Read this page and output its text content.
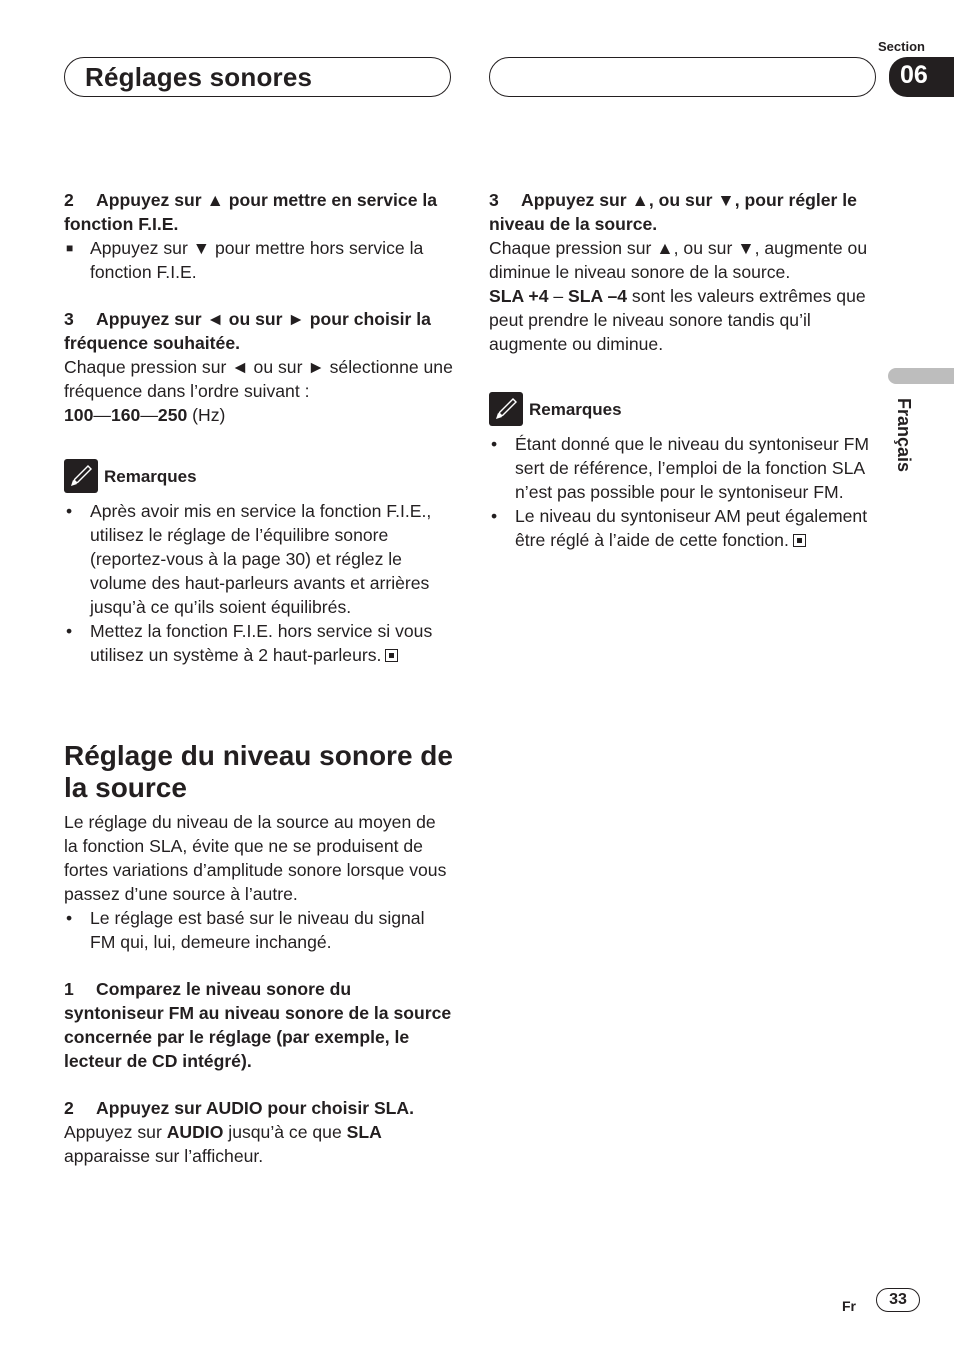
Réglages sonores
Section
06
Français

2 Appuyez sur ▲ pour mettre en service la fonction F.I.E.

■ Appuyez sur ▼ pour mettre hors service la fonction F.I.E.

3 Appuyez sur ◄ ou sur ► pour choisir la fréquence souhaitée.

Chaque pression sur ◄ ou sur ► sélectionne une fréquence dans l’ordre suivant :

100—160—250 (Hz)

Remarques
• Après avoir mis en service la fonction F.I.E., utilisez le réglage de l’équilibre sonore (reportez-vous à la page 30) et réglez le volume des haut-parleurs avants et arrières jusqu’à ce qu’ils soient équilibrés.
• Mettez la fonction F.I.E. hors service si vous utilisez un système à 2 haut-parleurs.
Réglage du niveau sonore de la source

Le réglage du niveau de la source au moyen de la fonction SLA, évite que ne se produisent de fortes variations d’amplitude sonore lorsque vous passez d’une source à l’autre.

• Le réglage est basé sur le niveau du signal FM qui, lui, demeure inchangé.

1 Comparez le niveau sonore du syntoniseur FM au niveau sonore de la source concernée par le réglage (par exemple, le lecteur de CD intégré).

2 Appuyez sur AUDIO pour choisir SLA.

Appuyez sur AUDIO jusqu’à ce que SLA apparaisse sur l’afficheur.

3 Appuyez sur ▲, ou sur ▼, pour régler le niveau de la source.

Chaque pression sur ▲, ou sur ▼, augmente ou diminue le niveau sonore de la source.

SLA +4 – SLA –4 sont les valeurs extrêmes que peut prendre le niveau sonore tandis qu’il augmente ou diminue.

Remarques
• Étant donné que le niveau du syntoniseur FM sert de référence, l’emploi de la fonction SLA n’est pas possible pour le syntoniseur FM.
• Le niveau du syntoniseur AM peut également être réglé à l’aide de cette fonction.
Fr	33
